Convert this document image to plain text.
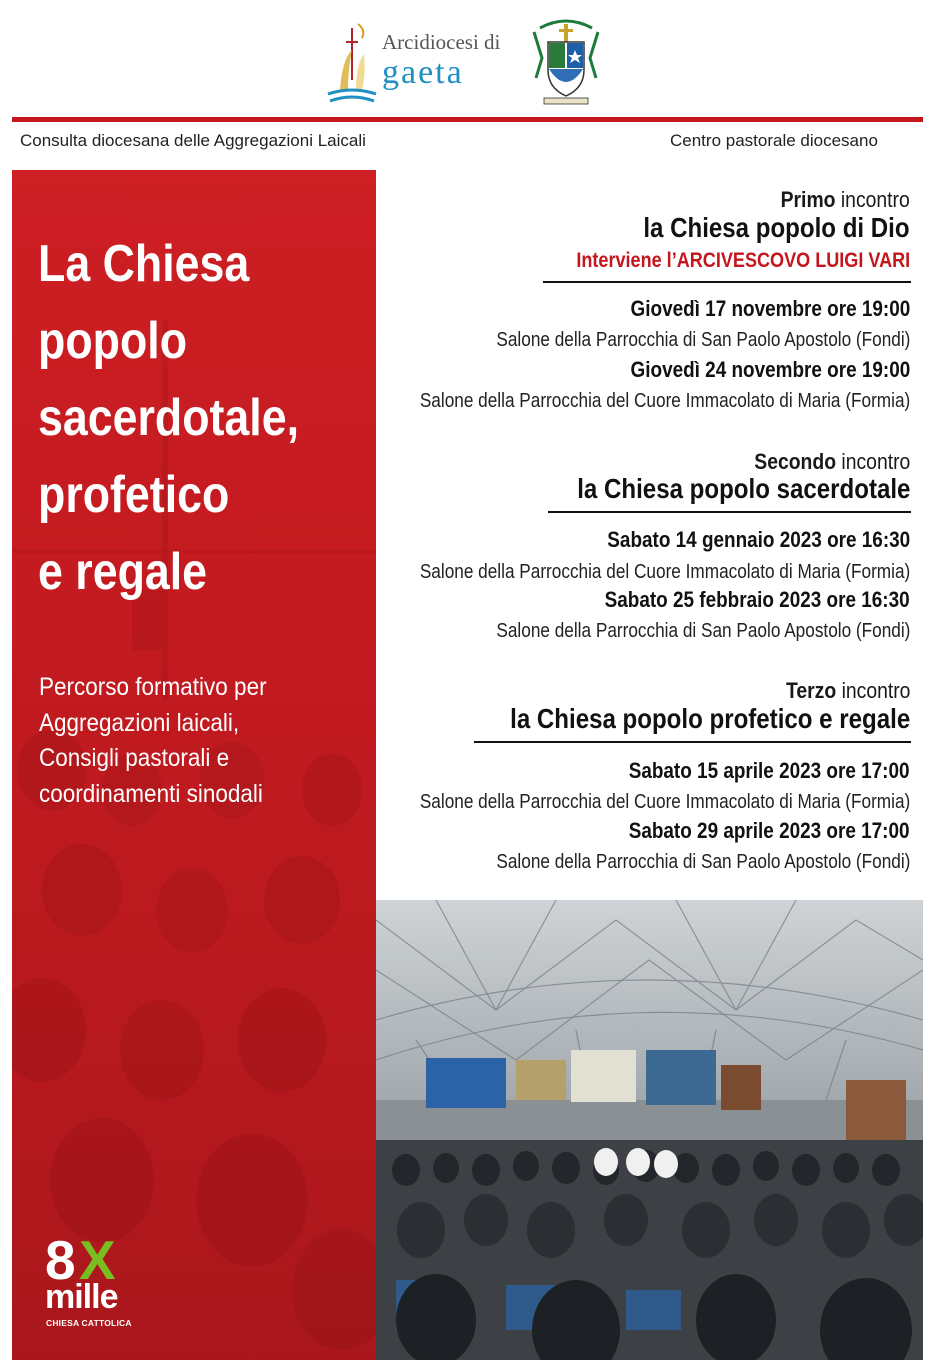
Arcidiocesi di
gaeta
Consulta diocesana delle Aggregazioni Laicali	Centro pastorale diocesano
La Chiesa
popolo
sacerdotale,
profetico
e regale
Percorso formativo per
Aggregazioni laicali,
Consigli pastorali e
coordinamenti sinodali
8 X
mille
CHIESA CATTOLICA
Primo incontro
la Chiesa popolo di Dio
Interviene l’ARCIVESCOVO LUIGI VARI
Giovedì 17 novembre ore 19:00
Salone della Parrocchia di San Paolo Apostolo (Fondi)
Giovedì 24 novembre ore 19:00
Salone della Parrocchia del Cuore Immacolato di Maria (Formia)
Secondo incontro
la Chiesa popolo sacerdotale
Sabato 14 gennaio 2023 ore 16:30
Salone della Parrocchia del Cuore Immacolato di Maria (Formia)
Sabato 25 febbraio 2023 ore 16:30
Salone della Parrocchia di San Paolo Apostolo (Fondi)
Terzo incontro
la Chiesa popolo profetico e regale
Sabato 15 aprile 2023 ore 17:00
Salone della Parrocchia del Cuore Immacolato di Maria (Formia)
Sabato 29 aprile 2023 ore 17:00
Salone della Parrocchia di San Paolo Apostolo (Fondi)
